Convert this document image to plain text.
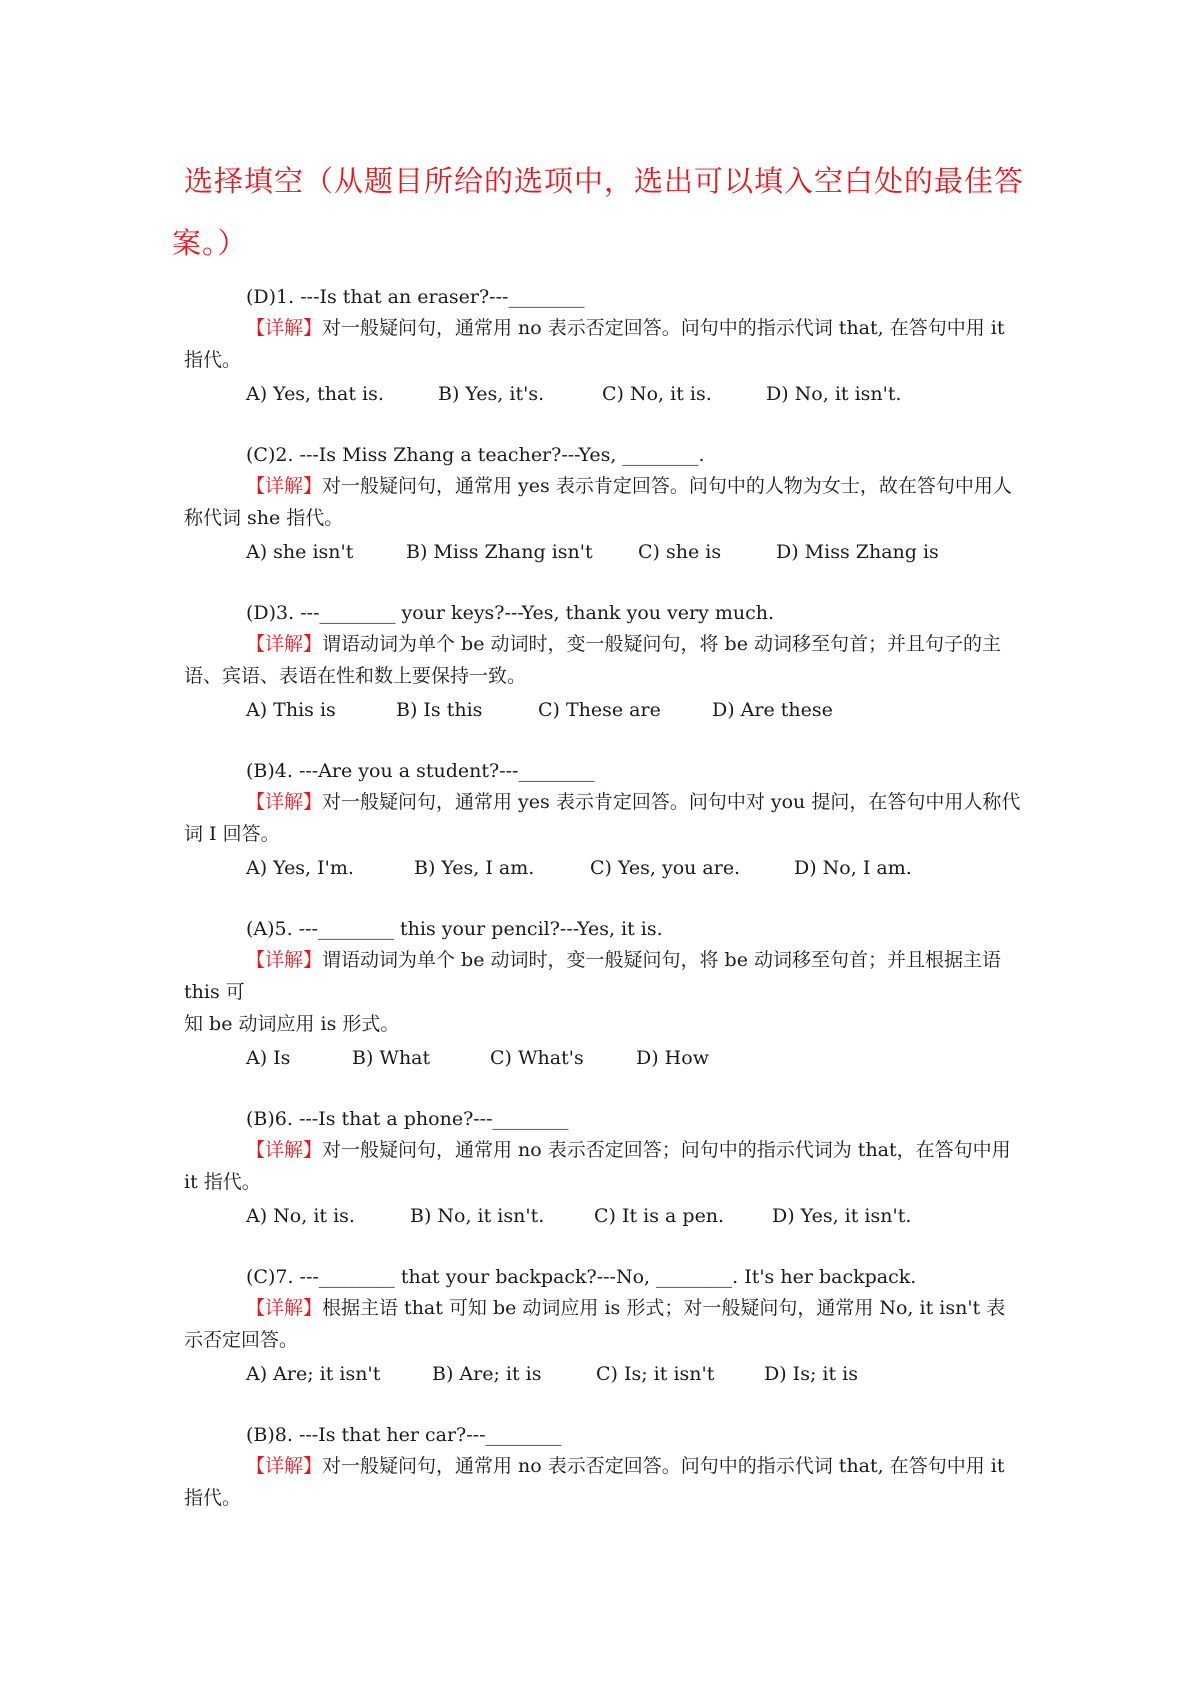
选择填空（从题目所给的选项中，选出可以填入空白处的最佳答
案。）
(D)1. ---Is that an eraser?---________
【详解】对一般疑问句，通常用 no 表示否定回答。问句中的指示代词 that, 在答句中用 it 指代。
A) Yes, that is.	B) Yes, it's.	C) No, it is.	D) No, it isn't.
(C)2. ---Is Miss Zhang a teacher?---Yes, ________.
【详解】对一般疑问句，通常用 yes 表示肯定回答。问句中的人物为女士，故在答句中用人称代词 she 指代。
A) she isn't	B) Miss Zhang isn't C) she is	D) Miss Zhang is
(D)3. ---________ your keys?---Yes, thank you very much.
【详解】谓语动词为单个 be 动词时，变一般疑问句，将 be 动词移至句首；并且句子的主语、宾语、表语在性和数上要保持一致。
A) This is	B) Is this	C) These are	D) Are these
(B)4. ---Are you a student?---________
【详解】对一般疑问句，通常用 yes 表示肯定回答。问句中对 you 提问，在答句中用人称代词 I 回答。
A) Yes, I'm.	B) Yes, I am.	C) Yes, you are.	D) No, I am.
(A)5. ---________ this your pencil?---Yes, it is.
【详解】谓语动词为单个 be 动词时，变一般疑问句，将 be 动词移至句首；并且根据主语 this 可
知 be 动词应用 is 形式。
A) Is	B) What	C) What's	D) How
(B)6. ---Is that a phone?---________
【详解】对一般疑问句，通常用 no 表示否定回答；问句中的指示代词为 that，在答句中用 it 指代。
A) No, it is.	B) No, it isn't.	C) It is a pen.	D) Yes, it isn't.
(C)7. ---________ that your backpack?---No, ________. It's her backpack.
【详解】根据主语 that 可知 be 动词应用 is 形式；对一般疑问句，通常用 No, it isn't 表示否定回答。
A) Are; it isn't	B) Are; it is	C) Is; it isn't	D) Is; it is
(B)8. ---Is that her car?---________
【详解】对一般疑问句，通常用 no 表示否定回答。问句中的指示代词 that, 在答句中用 it 指代。
